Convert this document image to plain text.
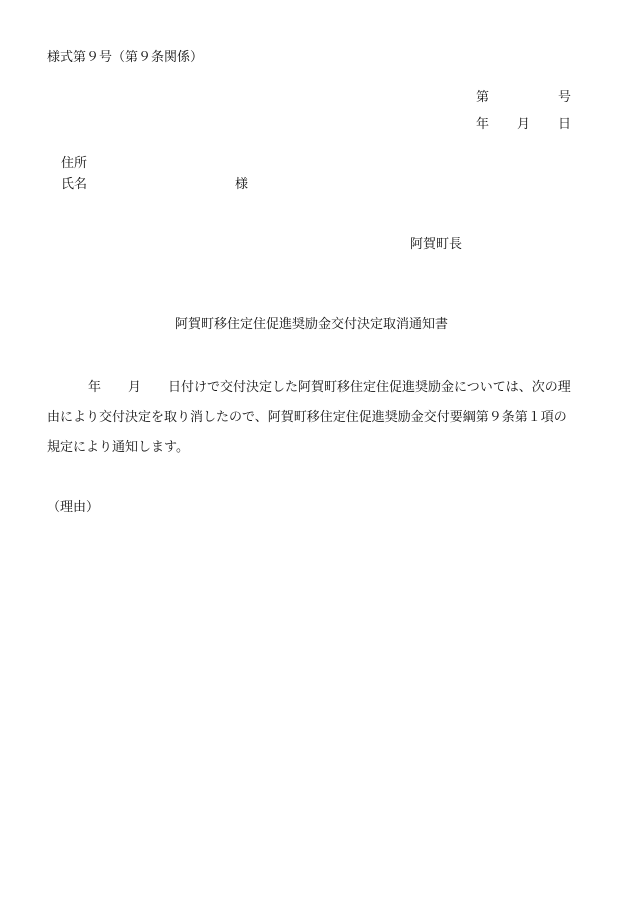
様式第９号（第９条関係）
第	号
年 月 日
住所
氏名	様
阿賀町長
阿賀町移住定住促進奨励金交付決定取消通知書
年 月 日付けで交付決定した阿賀町移住定住促進奨励金については、次の理
由により交付決定を取り消したので、阿賀町移住定住促進奨励金交付要綱第９条第１項の
規定により通知します。
（理由）
